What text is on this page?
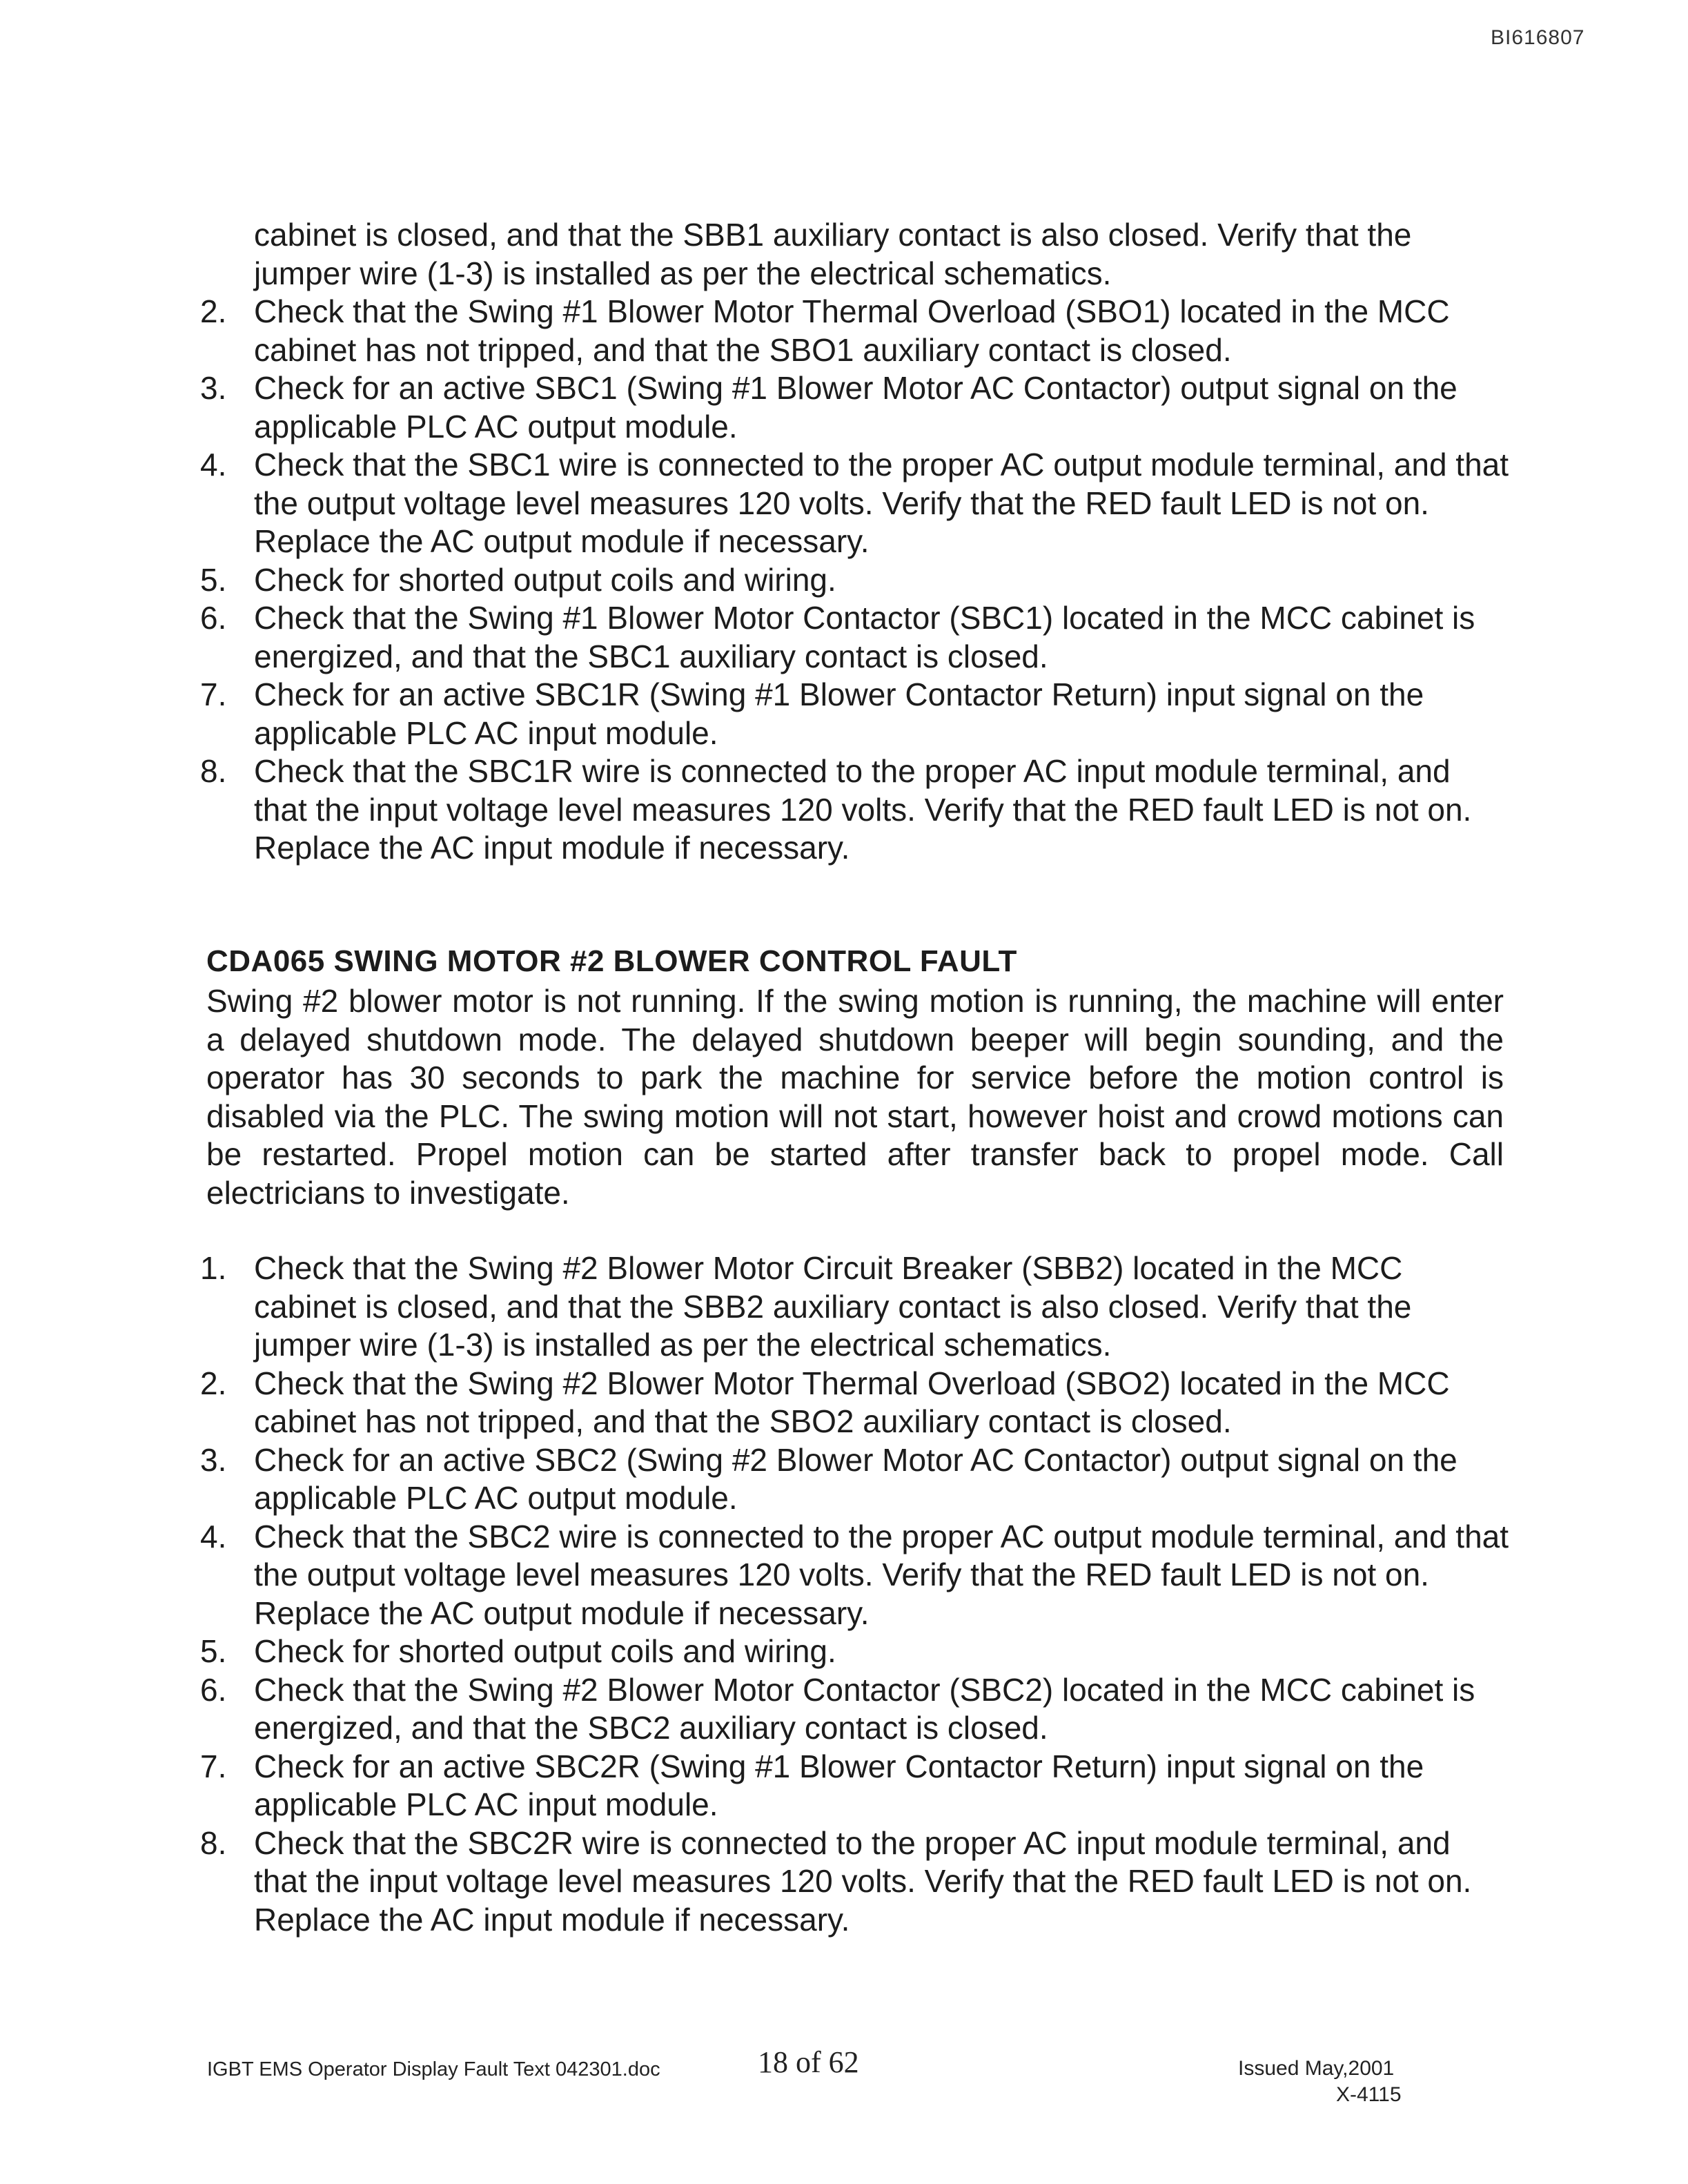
BI616807
cabinet is closed, and that the SBB1 auxiliary contact is also closed. Verify that the jumper wire (1-3) is installed as per the electrical schematics.
2. Check that the Swing #1 Blower Motor Thermal Overload (SBO1) located in the MCC cabinet has not tripped, and that the SBO1 auxiliary contact is closed.
3. Check for an active SBC1 (Swing #1 Blower Motor AC Contactor) output signal on the applicable PLC AC output module.
4. Check that the SBC1 wire is connected to the proper AC output module terminal, and that the output voltage level measures 120 volts. Verify that the RED fault LED is not on. Replace the AC output module if necessary.
5. Check for shorted output coils and wiring.
6. Check that the Swing #1 Blower Motor Contactor (SBC1) located in the MCC cabinet is energized, and that the SBC1 auxiliary contact is closed.
7. Check for an active SBC1R (Swing #1 Blower Contactor Return) input signal on the applicable PLC AC input module.
8. Check that the SBC1R wire is connected to the proper AC input module terminal, and that the input voltage level measures 120 volts. Verify that the RED fault LED is not on. Replace the AC input module if necessary.
CDA065 SWING MOTOR #2 BLOWER CONTROL FAULT
Swing #2 blower motor is not running. If the swing motion is running, the machine will enter a delayed shutdown mode. The delayed shutdown beeper will begin sounding, and the operator has 30 seconds to park the machine for service before the motion control is disabled via the PLC. The swing motion will not start, however hoist and crowd motions can be restarted. Propel motion can be started after transfer back to propel mode. Call electricians to investigate.
1. Check that the Swing #2 Blower Motor Circuit Breaker (SBB2) located in the MCC cabinet is closed, and that the SBB2 auxiliary contact is also closed. Verify that the jumper wire (1-3) is installed as per the electrical schematics.
2. Check that the Swing #2 Blower Motor Thermal Overload (SBO2) located in the MCC cabinet has not tripped, and that the SBO2 auxiliary contact is closed.
3. Check for an active SBC2 (Swing #2 Blower Motor AC Contactor) output signal on the applicable PLC AC output module.
4. Check that the SBC2 wire is connected to the proper AC output module terminal, and that the output voltage level measures 120 volts. Verify that the RED fault LED is not on. Replace the AC output module if necessary.
5. Check for shorted output coils and wiring.
6. Check that the Swing #2 Blower Motor Contactor (SBC2) located in the MCC cabinet is energized, and that the SBC2 auxiliary contact is closed.
7. Check for an active SBC2R (Swing #1 Blower Contactor Return) input signal on the applicable PLC AC input module.
8. Check that the SBC2R wire is connected to the proper AC input module terminal, and that the input voltage level measures 120 volts. Verify that the RED fault LED is not on. Replace the AC input module if necessary.
IGBT EMS Operator Display Fault Text 042301.doc	18 of 62	Issued May,2001
X-4115
